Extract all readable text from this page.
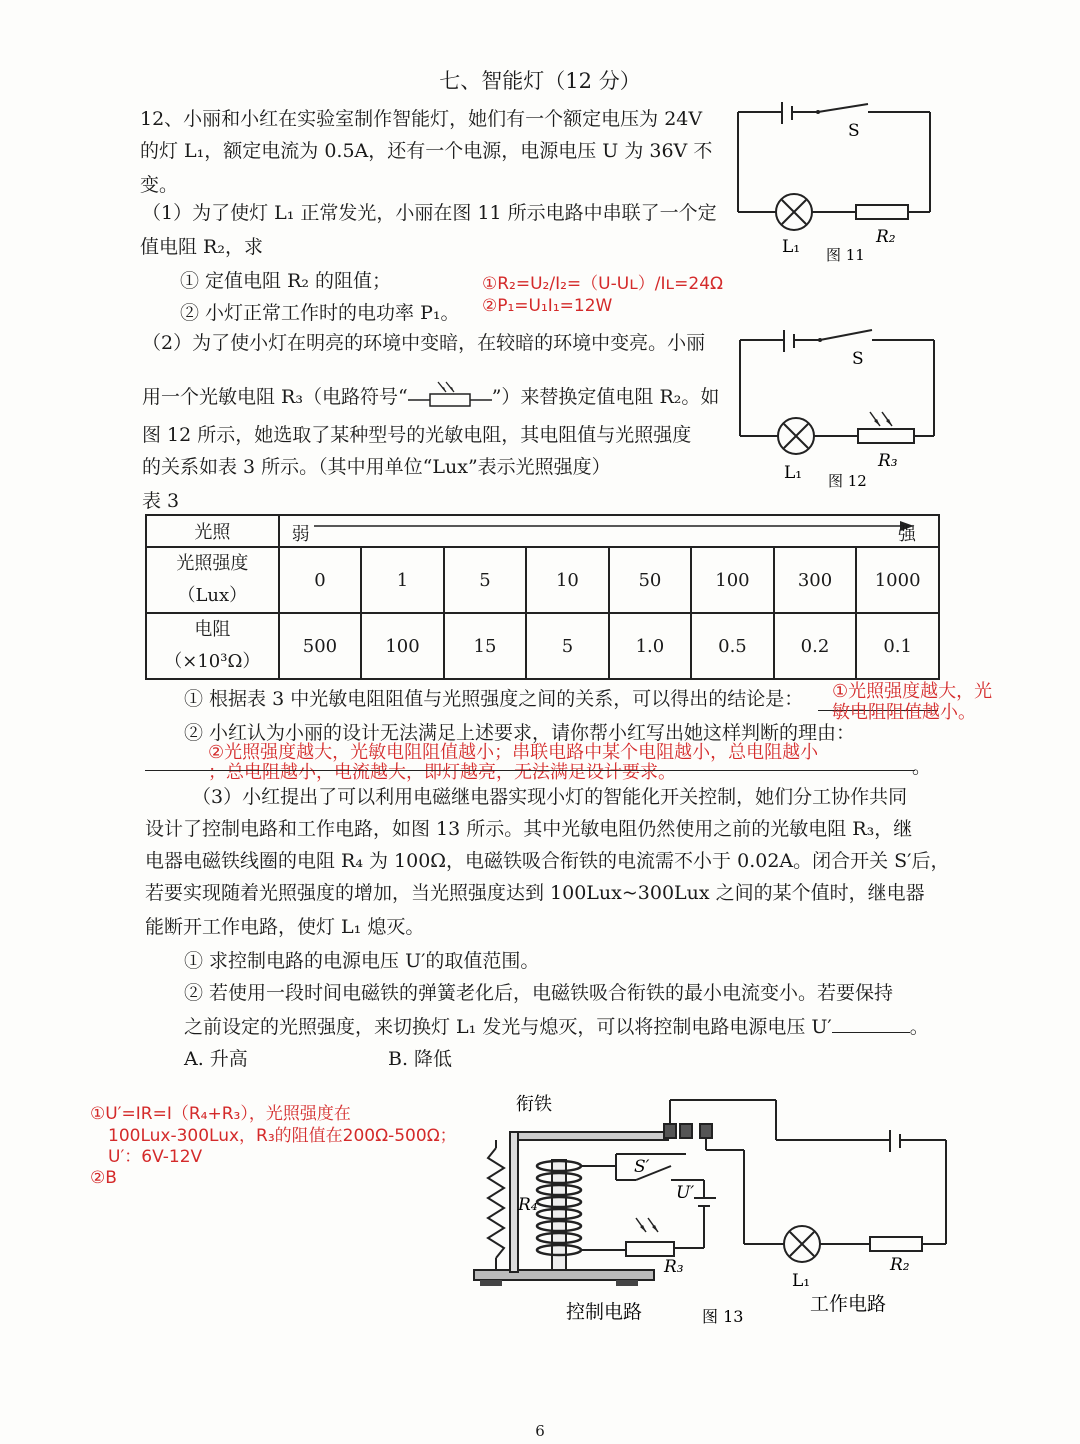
七、智能灯（12 分）
12、小丽和小红在实验室制作智能灯，她们有一个额定电压为 24V
的灯 L₁，额定电流为 0.5A，还有一个电源，电源电压 U 为 36V 不
变。
（1）为了使灯 L₁ 正常发光，小丽在图 11 所示电路中串联了一个定
值电阻 R₂，求
① 定值电阻 R₂ 的阻值；
② 小灯正常工作时的电功率 P₁。
①R₂=U₂/I₂=（U-Uʟ）/Iʟ=24Ω
②P₁=U₁I₁=12W
（2）为了使小灯在明亮的环境中变暗，在较暗的环境中变亮。小丽
用一个光敏电阻 R₃（电路符号“	”）来替换定值电阻 R₂。如
图 12 所示，她选取了某种型号的光敏电阻，其电阻值与光照强度
的关系如表 3 所示。（其中用单位“Lux”表示光照强度）
表 3
光照	弱 强							

光照强度
（Lux）	0	1	5	10	50	100	300	1000

电阻
（×10³Ω）	500	100	15	5	1.0	0.5	0.2	0.1
① 根据表 3 中光敏电阻阻值与光照强度之间的关系，可以得出的结论是： ①光照强度越大，光
敏电阻阻值越小。
② 小红认为小丽的设计无法满足上述要求，请你帮小红写出她这样判断的理由：
②光照强度越大，光敏电阻阻值越小；串联电路中某个电阻越小，总电阻越小
；总电阻越小，电流越大，即灯越亮，无法满足设计要求。	。
（3）小红提出了可以利用电磁继电器实现小灯的智能化开关控制，她们分工协作共同
设计了控制电路和工作电路，如图 13 所示。其中光敏电阻仍然使用之前的光敏电阻 R₃，继
电器电磁铁线圈的电阻 R₄ 为 100Ω，电磁铁吸合衔铁的电流需不小于 0.02A。闭合开关 S′后，
若要实现随着光照强度的增加，当光照强度达到 100Lux~300Lux 之间的某个值时，继电器
能断开工作电路，使灯 L₁ 熄灭。
① 求控制电路的电源电压 U′的取值范围。
② 若使用一段时间电磁铁的弹簧老化后，电磁铁吸合衔铁的最小电流变小。若要保持
之前设定的光照强度，来切换灯 L₁ 发光与熄灭，可以将控制电路电源电压 U′	。
A. 升高	B. 降低
①U′=IR=I（R₄+R₃），光照强度在
100Lux-300Lux，R₃的阻值在200Ω-500Ω；
U′：6V-12V
②B
S
L₁	R₂
图 11
S
L₁
R₃
图 12
衔铁
R₄
S′
U′
R₃
L₁
R₂
控制电路	图 13
工作电路
6
